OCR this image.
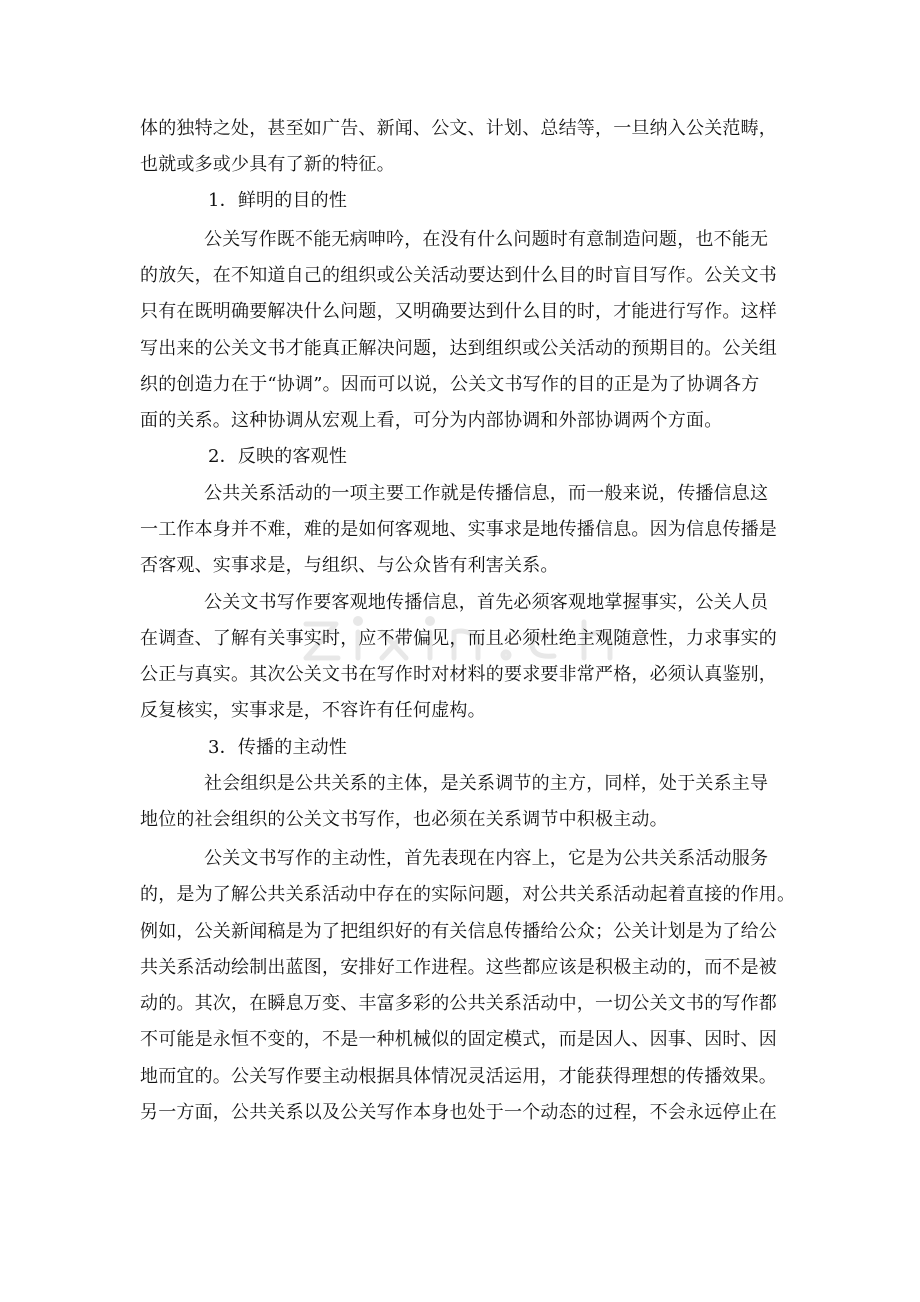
体的独特之处，甚至如广告、新闻、公文、计划、总结等，一旦纳入公关范畴，
也就或多或少具有了新的特征。
1．鲜明的目的性
公关写作既不能无病呻吟，在没有什么问题时有意制造问题，也不能无
的放矢，在不知道自己的组织或公关活动要达到什么目的时盲目写作。公关文书
只有在既明确要解决什么问题，又明确要达到什么目的时，才能进行写作。这样
写出来的公关文书才能真正解决问题，达到组织或公关活动的预期目的。公关组
织的创造力在于“协调”。因而可以说，公关文书写作的目的正是为了协调各方
面的关系。这种协调从宏观上看，可分为内部协调和外部协调两个方面。
2．反映的客观性
公共关系活动的一项主要工作就是传播信息，而一般来说，传播信息这
一工作本身并不难，难的是如何客观地、实事求是地传播信息。因为信息传播是
否客观、实事求是，与组织、与公众皆有利害关系。
公关文书写作要客观地传播信息，首先必须客观地掌握事实，公关人员
在调查、了解有关事实时，应不带偏见，而且必须杜绝主观随意性，力求事实的
公正与真实。其次公关文书在写作时对材料的要求要非常严格，必须认真鉴别，
反复核实，实事求是，不容许有任何虚构。
3．传播的主动性
社会组织是公共关系的主体，是关系调节的主方，同样，处于关系主导
地位的社会组织的公关文书写作，也必须在关系调节中积极主动。
公关文书写作的主动性，首先表现在内容上，它是为公共关系活动服务
的，是为了解公共关系活动中存在的实际问题，对公共关系活动起着直接的作用。
例如，公关新闻稿是为了把组织好的有关信息传播给公众；公关计划是为了给公
共关系活动绘制出蓝图，安排好工作进程。这些都应该是积极主动的，而不是被
动的。其次，在瞬息万变、丰富多彩的公共关系活动中，一切公关文书的写作都
不可能是永恒不变的，不是一种机械似的固定模式，而是因人、因事、因时、因
地而宜的。公关写作要主动根据具体情况灵活运用，才能获得理想的传播效果。
另一方面，公共关系以及公关写作本身也处于一个动态的过程，不会永远停止在
